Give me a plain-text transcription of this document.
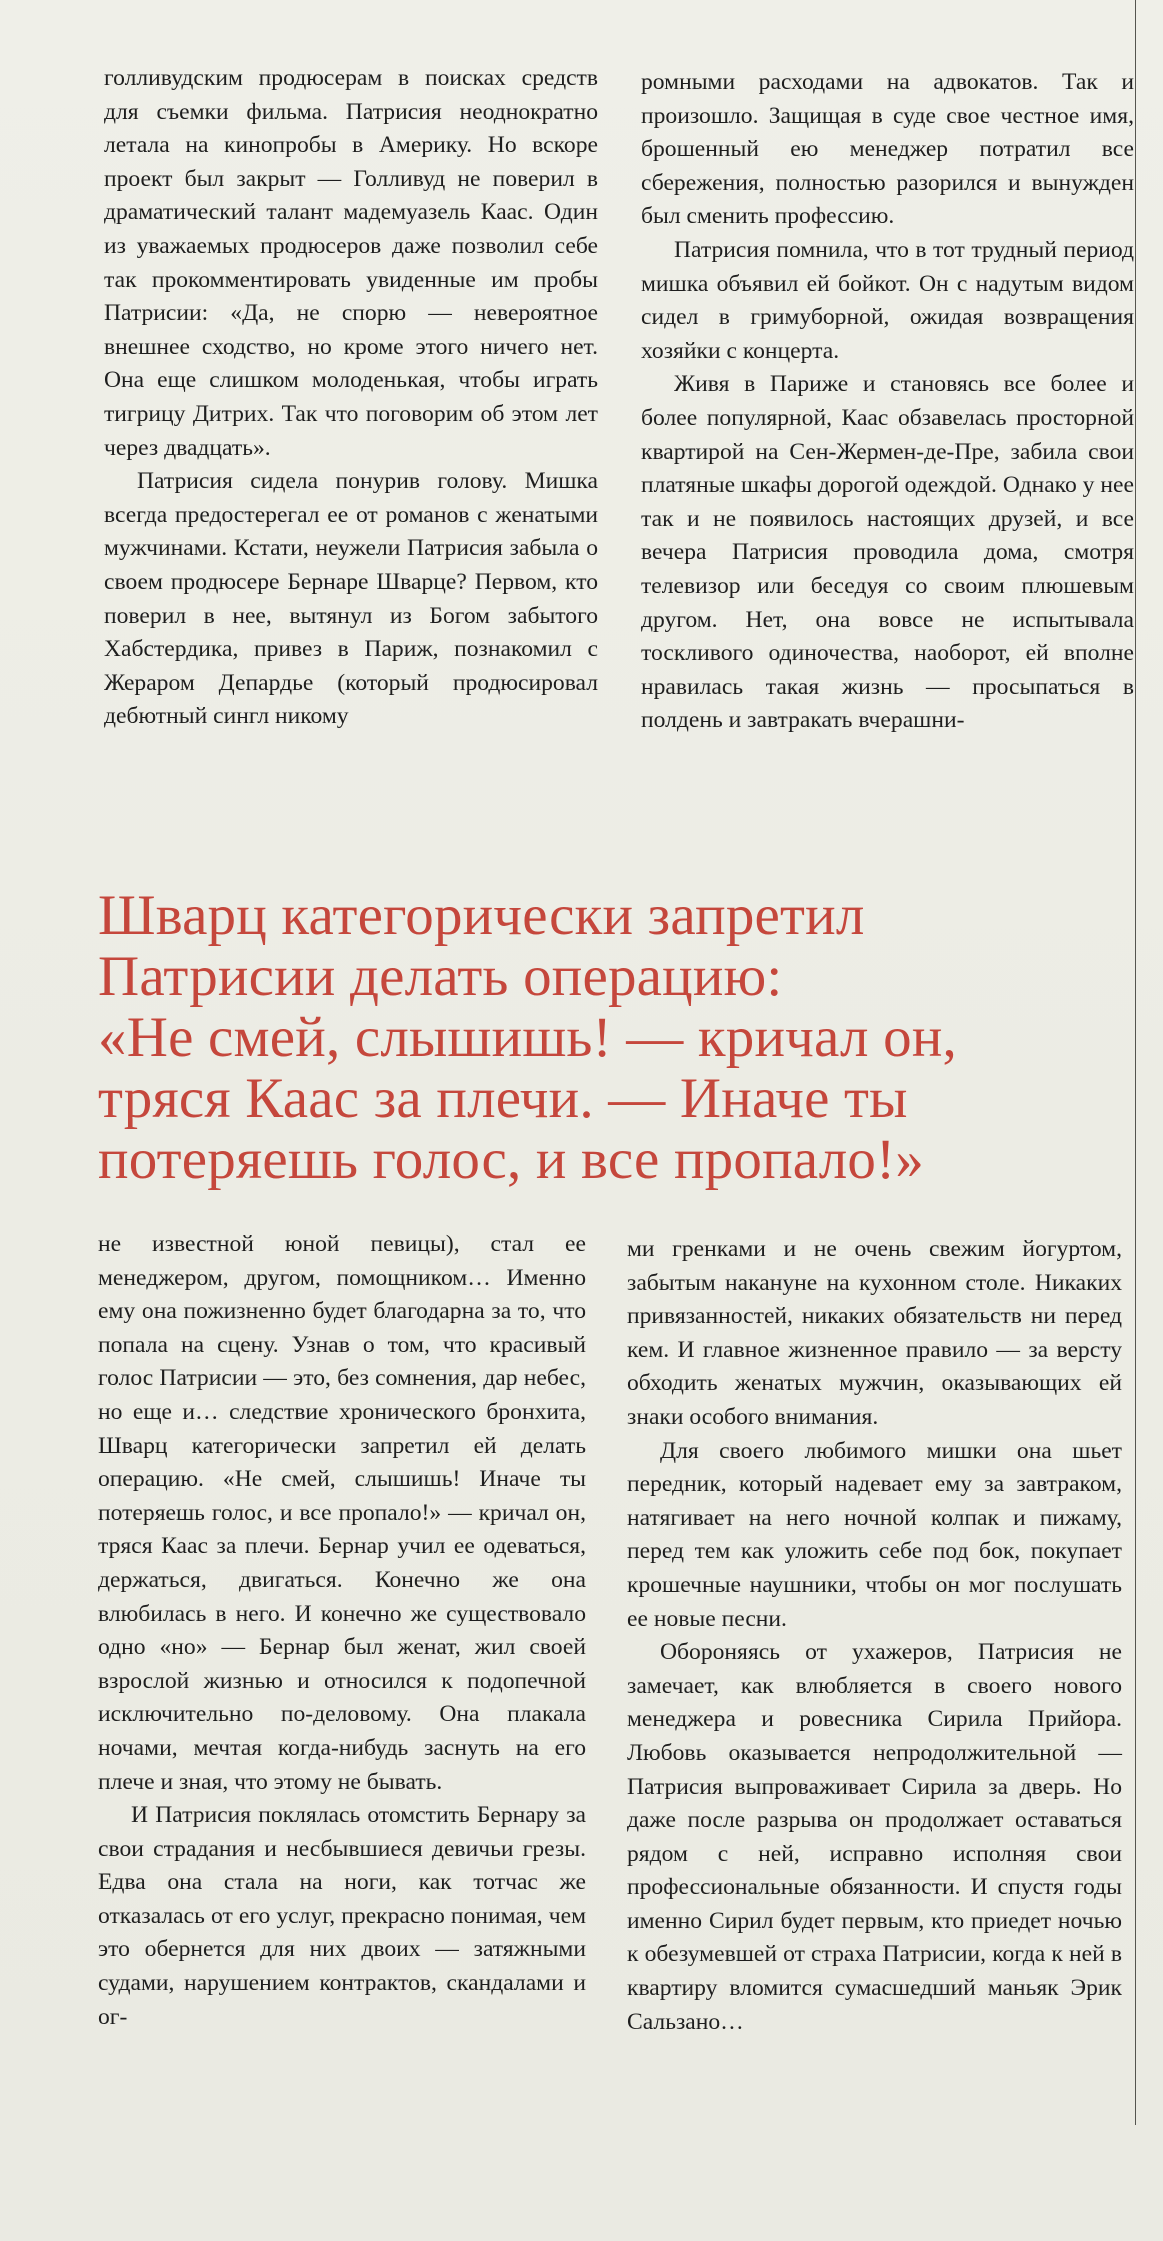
голливудским продюсерам в поисках средств для съемки фильма. Патрисия неоднократно летала на кинопробы в Америку. Но вскоре проект был закрыт — Голливуд не поверил в драматический талант мадемуазель Каас. Один из уважаемых продюсеров даже позволил себе так прокомментировать увиденные им пробы Патрисии: «Да, не спорю — невероятное внешнее сходство, но кроме этого ничего нет. Она еще слишком молоденькая, чтобы играть тигрицу Дитрих. Так что поговорим об этом лет через двадцать».

Патрисия сидела понурив голову. Мишка всегда предостерегал ее от романов с женатыми мужчинами. Кстати, неужели Патрисия забыла о своем продюсере Бернаре Шварце? Первом, кто поверил в нее, вытянул из Богом забытого Хабстердика, привез в Париж, познакомил с Жераром Депардье (который продюсировал дебютный сингл никому

ромными расходами на адвокатов. Так и произошло. Защищая в суде свое честное имя, брошенный ею менеджер потратил все сбережения, полностью разорился и вынужден был сменить профессию.

Патрисия помнила, что в тот трудный период мишка объявил ей бойкот. Он с надутым видом сидел в гримуборной, ожидая возвращения хозяйки с концерта.

Живя в Париже и становясь все более и более популярной, Каас обзавелась просторной квартирой на Сен-Жермен-де-Пре, забила свои платяные шкафы дорогой одеждой. Однако у нее так и не появилось настоящих друзей, и все вечера Патрисия проводила дома, смотря телевизор или беседуя со своим плюшевым другом. Нет, она вовсе не испытывала тоскливого одиночества, наоборот, ей вполне нравилась такая жизнь — просыпаться в полдень и завтракать вчерашни-

Шварц категорически запретил
Патрисии делать операцию:
«Не смей, слышишь! — кричал он,
тряся Каас за плечи. — Иначе ты
потеряешь голос, и все пропало!»

не известной юной певицы), стал ее менеджером, другом, помощником… Именно ему она пожизненно будет благодарна за то, что попала на сцену. Узнав о том, что красивый голос Патрисии — это, без сомнения, дар небес, но еще и… следствие хронического бронхита, Шварц категорически запретил ей делать операцию. «Не смей, слышишь! Иначе ты потеряешь голос, и все пропало!» — кричал он, тряся Каас за плечи. Бернар учил ее одеваться, держаться, двигаться. Конечно же она влюбилась в него. И конечно же существовало одно «но» — Бернар был женат, жил своей взрослой жизнью и относился к подопечной исключительно по-деловому. Она плакала ночами, мечтая когда-нибудь заснуть на его плече и зная, что этому не бывать.

И Патрисия поклялась отомстить Бернару за свои страдания и несбывшиеся девичьи грезы. Едва она стала на ноги, как тотчас же отказалась от его услуг, прекрасно понимая, чем это обернется для них двоих — затяжными судами, нарушением контрактов, скандалами и ог-

ми гренками и не очень свежим йогуртом, забытым накануне на кухонном столе. Никаких привязанностей, никаких обязательств ни перед кем. И главное жизненное правило — за версту обходить женатых мужчин, оказывающих ей знаки особого внимания.

Для своего любимого мишки она шьет передник, который надевает ему за завтраком, натягивает на него ночной колпак и пижаму, перед тем как уложить себе под бок, покупает крошечные наушники, чтобы он мог послушать ее новые песни.

Обороняясь от ухажеров, Патрисия не замечает, как влюбляется в своего нового менеджера и ровесника Сирила Прийора. Любовь оказывается непродолжительной — Патрисия выпроваживает Сирила за дверь. Но даже после разрыва он продолжает оставаться рядом с ней, исправно исполняя свои профессиональные обязанности. И спустя годы именно Сирил будет первым, кто приедет ночью к обезумевшей от страха Патрисии, когда к ней в квартиру вломится сумасшедший маньяк Эрик Сальзано…
